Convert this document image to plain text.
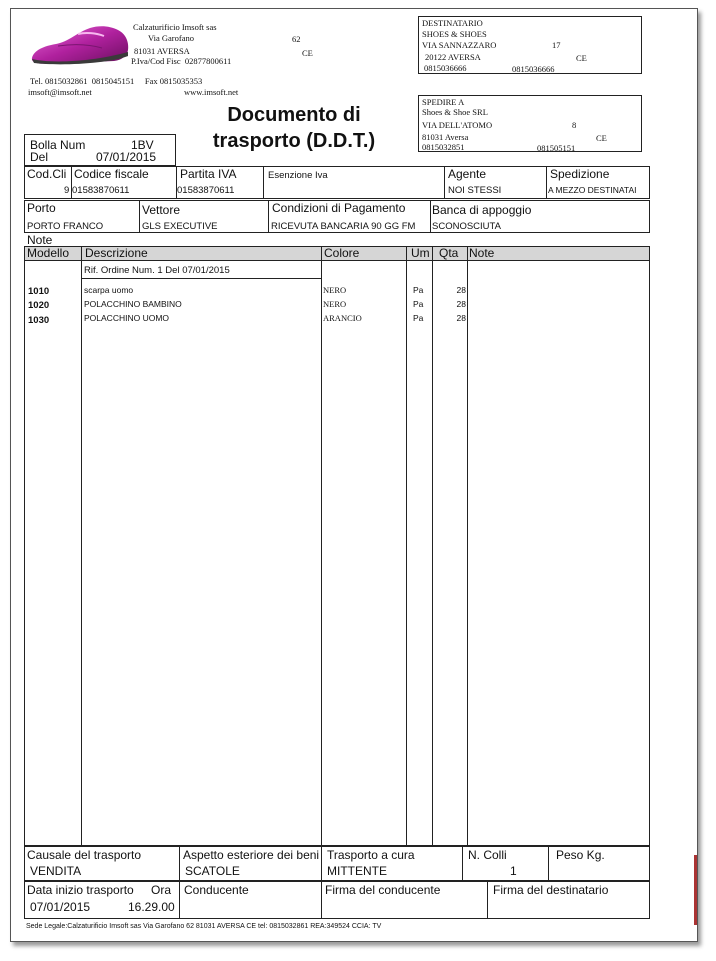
Calzaturificio Imsoft sas
Via Garofano	62
81031 AVERSA	CE
P.Iva/Cod Fisc 02877800611
Tel. 0815032861 0815045151 Fax 0815035353
imsoft@imsoft.net	www.imsoft.net
DESTINATARIO
SHOES & SHOES
VIA SANNAZZARO	17
20122 AVERSA	CE
0815036666	0815036666
SPEDIRE A
Shoes & Shoe SRL
VIA DELL'ATOMO	8
81031 Aversa	CE
0815032851	081505151
Documento di
trasporto (D.D.T.)
Bolla Num	1BV
Del	07/01/2015
Cod.Cli
9
Codice fiscale
01583870611
Partita IVA
01583870611
Esenzione Iva	Agente
NOI STESSI
Spedizione
A MEZZO DESTINATAI
Porto
PORTO FRANCO
Vettore
GLS EXECUTIVE
Condizioni di Pagamento
RICEVUTA BANCARIA 90 GG FM
Banca di appoggio
SCONOSCIUTA
Note
Modello Descrizione	Colore	Um Qta Note
Rif. Ordine Num. 1 Del 07/01/2015
1010	scarpa uomo	NERO	Pa	28
1020	POLACCHINO BAMBINO	NERO	Pa	28
1030	POLACCHINO UOMO	ARANCIO	Pa	28
Causale del trasporto
VENDITA
Aspetto esteriore dei beni
SCATOLE
Trasporto a cura
MITTENTE
N. Colli
1
Peso Kg.
Data inizio trasporto Ora
07/01/2015	16.29.00
Conducente	Firma del conducente	Firma del destinatario
Sede Legale:Calzaturificio Imsoft sas Via Garofano 62 81031 AVERSA CE tel: 0815032861 REA:349524 CCIA: TV
